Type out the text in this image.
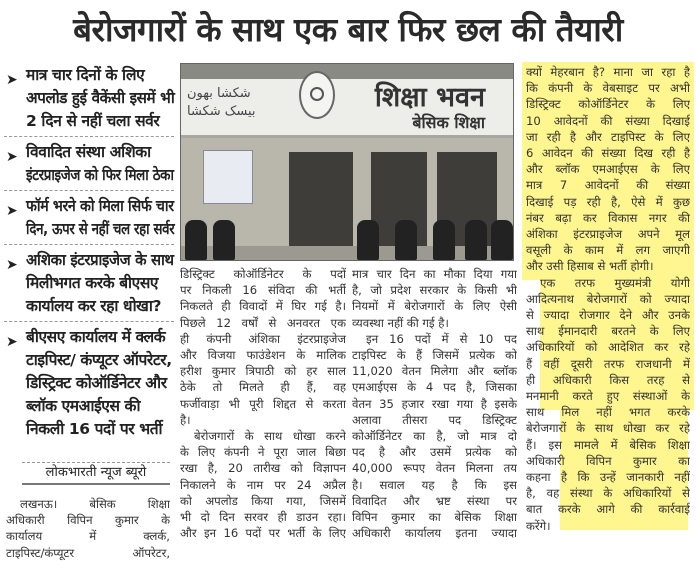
बेरोजगारों के साथ एक बार फिर छल की तैयारी
➤ मात्र चार दिनों के लिए
अपलोड हुई वैकेंसी इसमें भी
2 दिन से नहीं चला सर्वर
➤ विवादित संस्था अशिका
इंटरप्राइजेज को फिर मिला ठेका
➤ फॉर्म भरने को मिला सिर्फ चार
दिन, ऊपर से नहीं चल रहा सर्वर
➤ अशिका इंटरप्राइजेज के साथ
मिलीभगत करके बीएसए
कार्यालय कर रहा धोखा?
➤ बीएसए कार्यालय में क्लर्क
टाइपिस्ट/ कंप्यूटर ऑपरेटर,
डिस्ट्रिक्ट कोऑर्डिनेटर और
ब्लॉक एमआईएस की
निकली 16 पदों पर भर्ती
लोकभारती न्यूज ब्यूरो
شکشا بھون بیسک شکشا	शिक्षा भवन
बेसिक शिक्षा
लखनऊ। बेसिक शिक्षा
अधिकारी विपिन कुमार के
कार्यालय में क्लर्क,
टाइपिस्ट/कंप्यूटर ऑपरेटर,
डिस्ट्रिक्ट कोऑर्डिनेटर के पदों
पर निकली 16 संविदा की भर्ती
निकलते ही विवादों में घिर गई है।
पिछले 12 वर्षों से अनवरत एक
ही कंपनी अंशिका इंटरप्राइजेज
और विजया फाउंडेशन के मालिक
हरीश कुमार त्रिपाठी को हर साल
ठेके तो मिलते ही हैं, वह
फर्जीवाड़ा भी पूरी शिद्दत से करता
है।
बेरोजगारों के साथ धोखा करने
के लिए कंपनी ने पूरा जाल बिछा
रखा है, 20 तारीख को विज्ञापन
निकालने के नाम पर 24 अप्रैल
को अपलोड किया गया, जिसमें
भी दो दिन सरवर ही डाउन रहा।
और इन 16 पदों पर भर्ती के लिए
मात्र चार दिन का मौका दिया गया
है, जो प्रदेश सरकार के किसी भी
नियमों में बेरोजगारों के लिए ऐसी
व्यवस्था नहीं की गई है।
इन 16 पदों में से 10 पद
टाइपिस्ट के हैं जिसमें प्रत्येक को
11,020 वेतन मिलेगा और ब्लॉक
एमआईएस के 4 पद है, जिसका
वेतन 35 हजार रखा गया है इसके
अलावा तीसरा पद डिस्ट्रिक्ट
कोऑर्डिनेटर का है, जो मात्र दो
पद है और उसमें प्रत्येक को
40,000 रूपए वेतन मिलना तय
है। सवाल यह है कि इस
विवादित और भ्रष्ट संस्था पर
विपिन कुमार का बेसिक शिक्षा
अधिकारी कार्यालय इतना ज्यादा
क्यों मेहरबान है? माना जा रहा है
कि कंपनी के वेबसाइट पर अभी
डिस्ट्रिक्ट कोऑर्डिनेटर के लिए
10 आवेदनों की संख्या दिखाई
जा रही है और टाइपिस्ट के लिए
6 आवेदन की संख्या दिख रही है
और ब्लॉक एमआईएस के लिए
मात्र 7 आवेदनों की संख्या
दिखाई पड़ रही है, ऐसे में कुछ
नंबर बढ़ा कर विकास नगर की
अंशिका इंटरप्राइजेज अपने मूल
वसूली के काम में लग जाएगी
और उसी हिसाब से भर्ती होगी।
एक तरफ मुख्यमंत्री योगी
आदित्यनाथ बेरोजगारों को ज्यादा
से ज्यादा रोजगार देने और उनके
साथ ईमानदारी बरतने के लिए
अधिकारियों को आदेशित कर रहे
हैं वहीं दूसरी तरफ राजधानी में
ही अधिकारी किस तरह से
मनमानी करते हुए संस्थाओं के
साथ मिल नहीं भगत करके
बेरोजगारों के साथ धोखा कर रहे
हैं। इस मामले में बेसिक शिक्षा
अधिकारी विपिन कुमार का
कहना है कि उन्हें जानकारी नहीं
है, वह संस्था के अधिकारियों से
बात करके आगे की कार्रवाई
करेंगे।
